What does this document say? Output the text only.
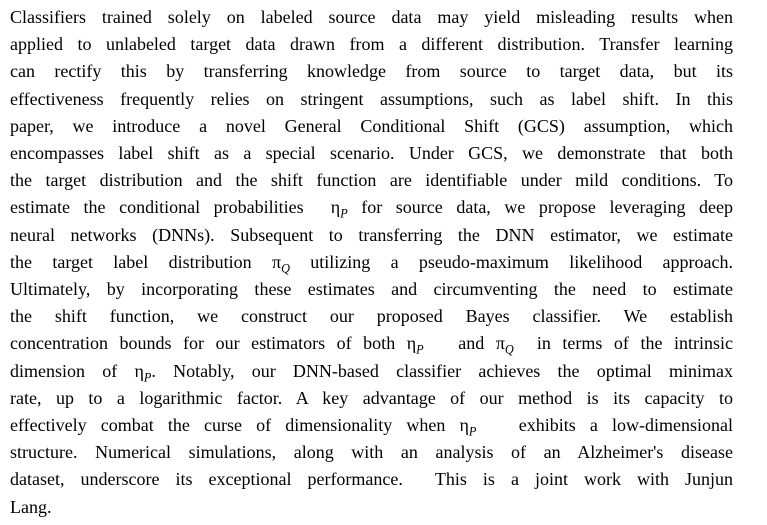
Classifiers trained solely on labeled source data may yield misleading results when
applied to unlabeled target data drawn from a different distribution. Transfer learning
can rectify this by transferring knowledge from source to target data, but its
effectiveness frequently relies on stringent assumptions, such as label shift. In this
paper, we introduce a novel General Conditional Shift (GCS) assumption, which
encompasses label shift as a special scenario. Under GCS, we demonstrate that both
the target distribution and the shift function are identifiable under mild conditions. To
estimate the conditional probabilities  $\eta_P$ for source data, we propose leveraging deep
neural networks (DNNs). Subsequent to transferring the DNN estimator, we estimate
the target label distribution $\pi_Q$ utilizing a pseudo-maximum likelihood approach.
Ultimately, by incorporating these estimates and circumventing the need to estimate
the shift function, we construct our proposed Bayes classifier. We establish
concentration bounds for our estimators of both $\eta_P$   and $\pi_Q$  in terms of the intrinsic
dimension of $\eta_P$. Notably, our DNN-based classifier achieves the optimal minimax
rate, up to a logarithmic factor. A key advantage of our method is its capacity to
effectively combat the curse of dimensionality when $\eta_P$   exhibits a low-dimensional
structure. Numerical simulations, along with an analysis of an Alzheimer's disease
dataset, underscore its exceptional performance.  This is a joint work with Junjun
Lang.
